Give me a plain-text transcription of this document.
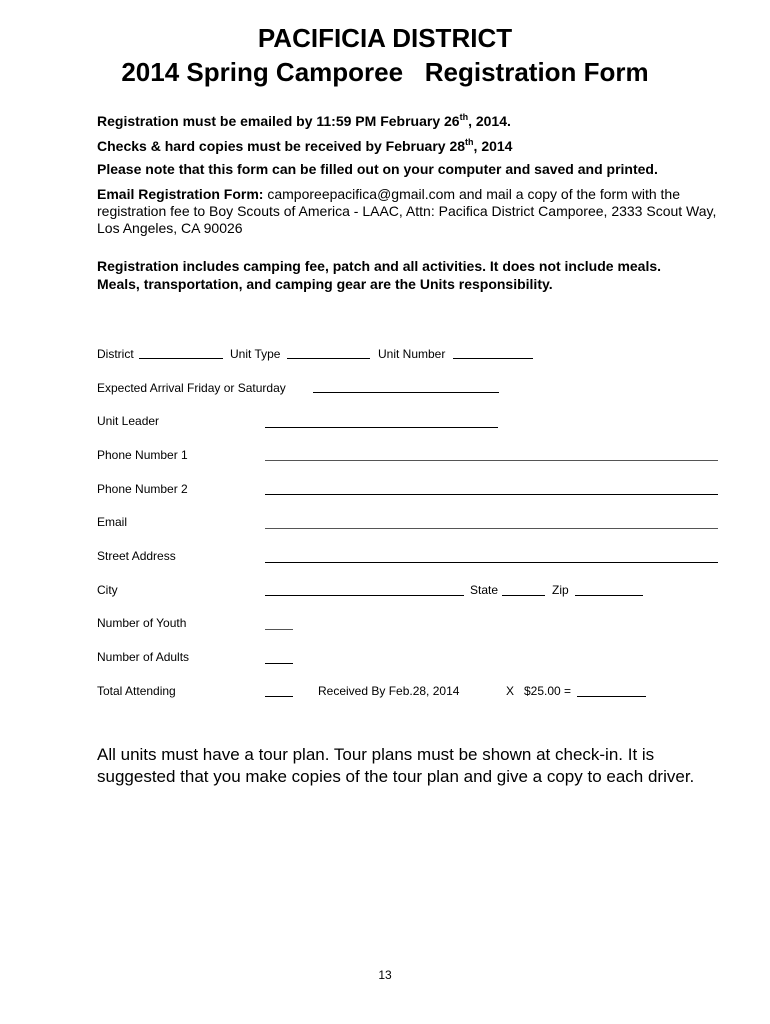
PACIFICIA DISTRICT
2014 Spring Camporee   Registration Form
Registration must be emailed by 11:59 PM February 26th, 2014.
Checks & hard copies must be received by February 28th, 2014
Please note that this form can be filled out on your computer and saved and printed.
Email Registration Form: camporeepacifica@gmail.com and mail a copy of the form with the registration fee to Boy Scouts of America - LAAC, Attn: Pacifica District Camporee, 2333 Scout Way, Los Angeles, CA 90026
Registration includes camping fee, patch and all activities. It does not include meals.
Meals, transportation, and camping gear are the Units responsibility.
District	Unit Type	Unit Number
Expected Arrival Friday or Saturday
Unit Leader
Phone Number 1
Phone Number 2
Email
Street Address
City	State	Zip
Number of Youth
Number of Adults
Total Attending	Received By Feb.28, 2014	X   $25.00 =
All units must have a tour plan. Tour plans must be shown at check-in. It is suggested that you make copies of the tour plan and give a copy to each driver.
13
